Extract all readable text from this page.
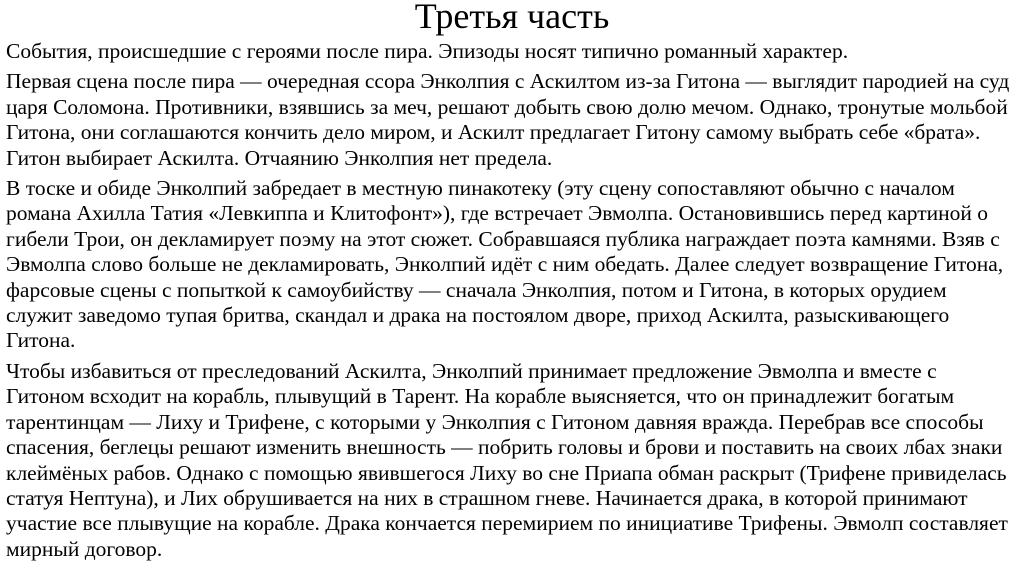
Третья часть

События, происшедшие с героями после пира. Эпизоды носят типично романный характер.

Первая сцена после пира — очередная ссора Энколпия с Аскилтом из-за Гитона — выглядит пародией на суд царя Соломона. Противники, взявшись за меч, решают добыть свою долю мечом. Однако, тронутые мольбой Гитона, они соглашаются кончить дело миром, и Аскилт предлагает Гитону самому выбрать себе «брата». Гитон выбирает Аскилта. Отчаянию Энколпия нет предела.

В тоске и обиде Энколпий забредает в местную пинакотеку (эту сцену сопоставляют обычно с началом романа Ахилла Татия «Левкиппа и Клитофонт»), где встречает Эвмолпа. Остановившись перед картиной о гибели Трои, он декламирует поэму на этот сюжет. Собравшаяся публика награждает поэта камнями. Взяв с Эвмолпа слово больше не декламировать, Энколпий идёт с ним обедать. Далее следует возвращение Гитона, фарсовые сцены с попыткой к самоубийству — сначала Энколпия, потом и Гитона, в которых орудием служит заведомо тупая бритва, скандал и драка на постоялом дворе, приход Аскилта, разыскивающего Гитона.

Чтобы избавиться от преследований Аскилта, Энколпий принимает предложение Эвмолпа и вместе с Гитоном всходит на корабль, плывущий в Тарент. На корабле выясняется, что он принадлежит богатым тарентинцам — Лиху и Трифене, с которыми у Энколпия с Гитоном давняя вражда. Перебрав все способы спасения, беглецы решают изменить внешность — побрить головы и брови и поставить на своих лбах знаки клеймёных рабов. Однако с помощью явившегося Лиху во сне Приапа обман раскрыт (Трифене привиделась статуя Нептуна), и Лих обрушивается на них в страшном гневе. Начинается драка, в которой принимают участие все плывущие на корабле. Драка кончается перемирием по инициативе Трифены. Эвмолп составляет мирный договор.
